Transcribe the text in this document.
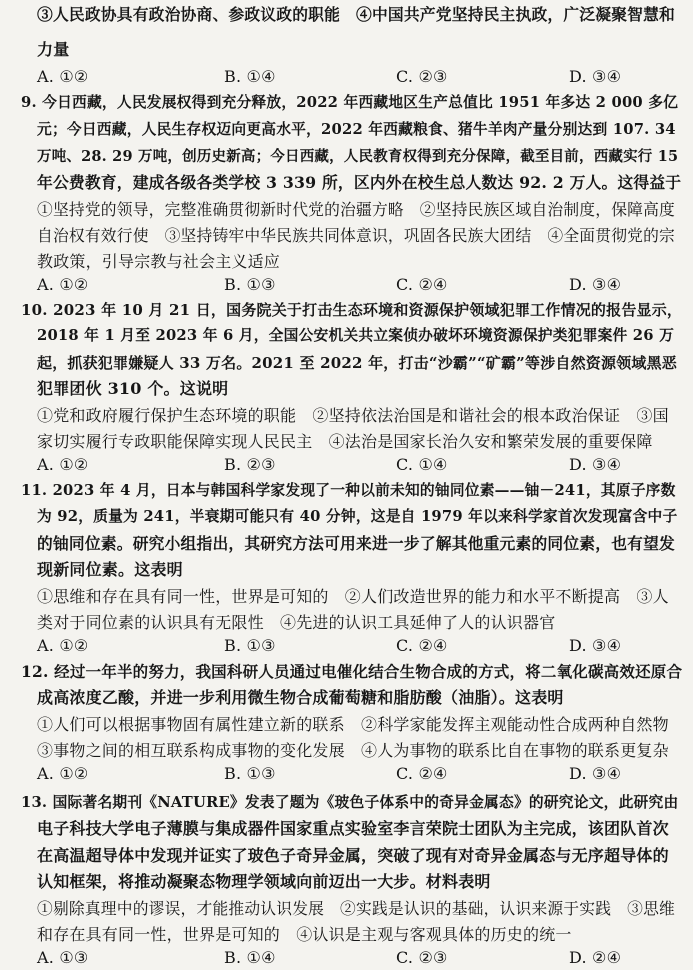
③人民政协具有政治协商、参政议政的职能　④中国共产党坚持民主执政，广泛凝聚智慧和
力量
A. ①②	B. ①④	C. ②③	D. ③④
9. 今日西藏，人民发展权得到充分释放，2022 年西藏地区生产总值比 1951 年多达 2 000 多亿
元；今日西藏，人民生存权迈向更高水平，2022 年西藏粮食、猪牛羊肉产量分别达到 107. 34
万吨、28. 29 万吨，创历史新高；今日西藏，人民教育权得到充分保障，截至目前，西藏实行 15
年公费教育，建成各级各类学校 3 339 所，区内外在校生总人数达 92. 2 万人。这得益于
①坚持党的领导，完整准确贯彻新时代党的治疆方略　②坚持民族区域自治制度，保障高度
自治权有效行使　③坚持铸牢中华民族共同体意识，巩固各民族大团结　④全面贯彻党的宗
教政策，引导宗教与社会主义适应
A. ①②	B. ①③	C. ②④	D. ③④
10. 2023 年 10 月 21 日，国务院关于打击生态环境和资源保护领域犯罪工作情况的报告显示，
2018 年 1 月至 2023 年 6 月，全国公安机关共立案侦办破坏环境资源保护类犯罪案件 26 万
起，抓获犯罪嫌疑人 33 万名。2021 至 2022 年，打击“沙霸”“矿霸”等涉自然资源领域黑恶
犯罪团伙 310 个。这说明
①党和政府履行保护生态环境的职能　②坚持依法治国是和谐社会的根本政治保证　③国
家切实履行专政职能保障实现人民民主　④法治是国家长治久安和繁荣发展的重要保障
A. ①②	B. ②③	C. ①④	D. ③④
11. 2023 年 4 月，日本与韩国科学家发现了一种以前未知的铀同位素——铀－241，其原子序数
为 92，质量为 241，半衰期可能只有 40 分钟，这是自 1979 年以来科学家首次发现富含中子
的铀同位素。研究小组指出，其研究方法可用来进一步了解其他重元素的同位素，也有望发
现新同位素。这表明
①思维和存在具有同一性，世界是可知的　②人们改造世界的能力和水平不断提高　③人
类对于同位素的认识具有无限性　④先进的认识工具延伸了人的认识器官
A. ①②	B. ①③	C. ②④	D. ③④
12. 经过一年半的努力，我国科研人员通过电催化结合生物合成的方式，将二氧化碳高效还原合
成高浓度乙酸，并进一步利用微生物合成葡萄糖和脂肪酸（油脂）。这表明
①人们可以根据事物固有属性建立新的联系　②科学家能发挥主观能动性合成两种自然物
③事物之间的相互联系构成事物的变化发展　④人为事物的联系比自在事物的联系更复杂
A. ①②	B. ①③	C. ②④	D. ③④
13. 国际著名期刊《NATURE》发表了题为《玻色子体系中的奇异金属态》的研究论文，此研究由
电子科技大学电子薄膜与集成器件国家重点实验室李言荣院士团队为主完成，该团队首次
在高温超导体中发现并证实了玻色子奇异金属，突破了现有对奇异金属态与无序超导体的
认知框架，将推动凝聚态物理学领域向前迈出一大步。材料表明
①剔除真理中的谬误，才能推动认识发展　②实践是认识的基础，认识来源于实践　③思维
和存在具有同一性，世界是可知的　④认识是主观与客观具体的历史的统一
A. ①③	B. ①④	C. ②③	D. ②④
